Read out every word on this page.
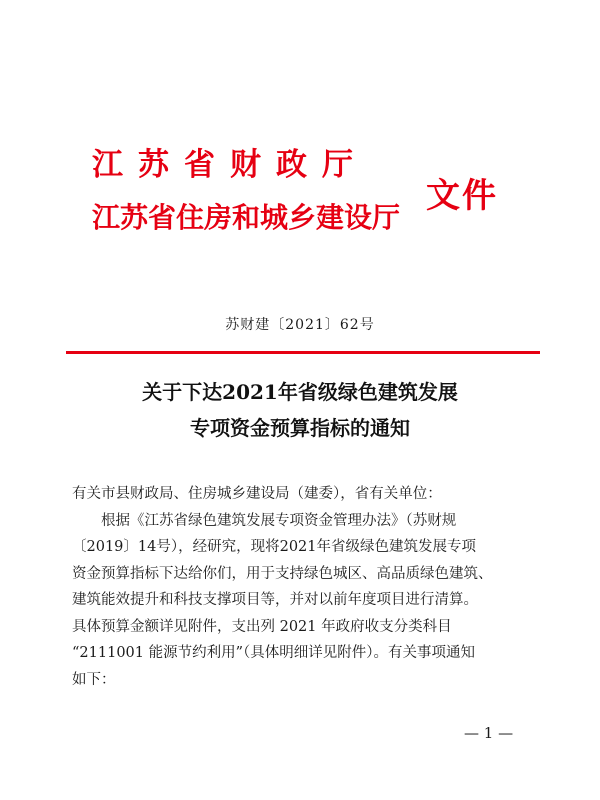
江苏省财政厅
江苏省住房和城乡建设厅
文件
苏财建〔2021〕62号
关于下达2021年省级绿色建筑发展
专项资金预算指标的通知
有关市县财政局、住房城乡建设局（建委），省有关单位：
根据《江苏省绿色建筑发展专项资金管理办法》（苏财规
〔2019〕14号），经研究，现将2021年省级绿色建筑发展专项
资金预算指标下达给你们，用于支持绿色城区、高品质绿色建筑、
建筑能效提升和科技支撑项目等，并对以前年度项目进行清算。
具体预算金额详见附件，支出列 2021 年政府收支分类科目
“2111001 能源节约利用”（具体明细详见附件）。有关事项通知
如下：
— 1 —
